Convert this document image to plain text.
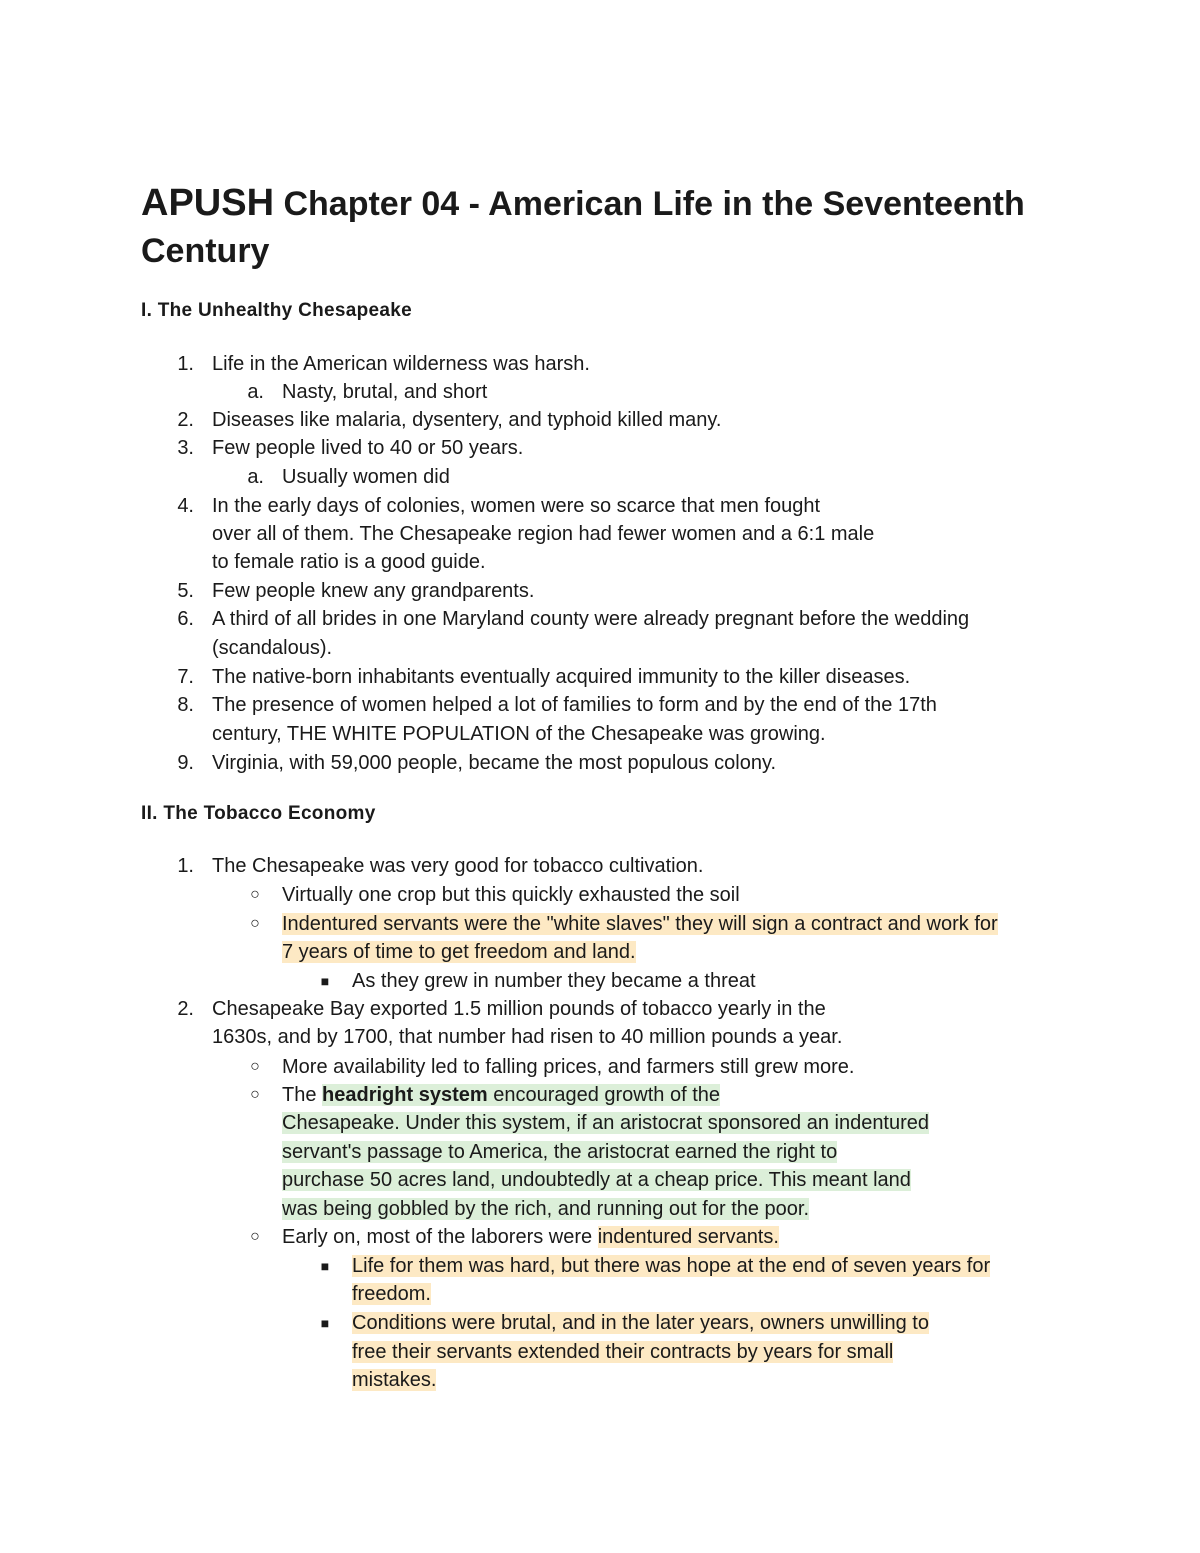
APUSH Chapter 04 - American Life in the Seventeenth
Century
I. The Unhealthy Chesapeake
1. Life in the American wilderness was harsh.
a. Nasty, brutal, and short
2. Diseases like malaria, dysentery, and typhoid killed many.
3. Few people lived to 40 or 50 years.
a. Usually women did
4. In the early days of colonies, women were so scarce that men fought
over all of them. The Chesapeake region had fewer women and a 6:1 male
to female ratio is a good guide.
5. Few people knew any grandparents.
6. A third of all brides in one Maryland county were already pregnant before the wedding
(scandalous).
7. The native-born inhabitants eventually acquired immunity to the killer diseases.
8. The presence of women helped a lot of families to form and by the end of the 17th
century, THE WHITE POPULATION of the Chesapeake was growing.
9. Virginia, with 59,000 people, became the most populous colony.
II. The Tobacco Economy
1. The Chesapeake was very good for tobacco cultivation.
○ Virtually one crop but this quickly exhausted the soil
○ Indentured servants were the "white slaves" they will sign a contract and work for
7 years of time to get freedom and land.
■ As they grew in number they became a threat
2. Chesapeake Bay exported 1.5 million pounds of tobacco yearly in the
1630s, and by 1700, that number had risen to 40 million pounds a year.
○ More availability led to falling prices, and farmers still grew more.
○ The headright system encouraged growth of the
Chesapeake. Under this system, if an aristocrat sponsored an indentured
servant's passage to America, the aristocrat earned the right to
purchase 50 acres land, undoubtedly at a cheap price. This meant land
was being gobbled by the rich, and running out for the poor.
○ Early on, most of the laborers were indentured servants.
■ Life for them was hard, but there was hope at the end of seven years for
freedom.
■ Conditions were brutal, and in the later years, owners unwilling to
free their servants extended their contracts by years for small
mistakes.
